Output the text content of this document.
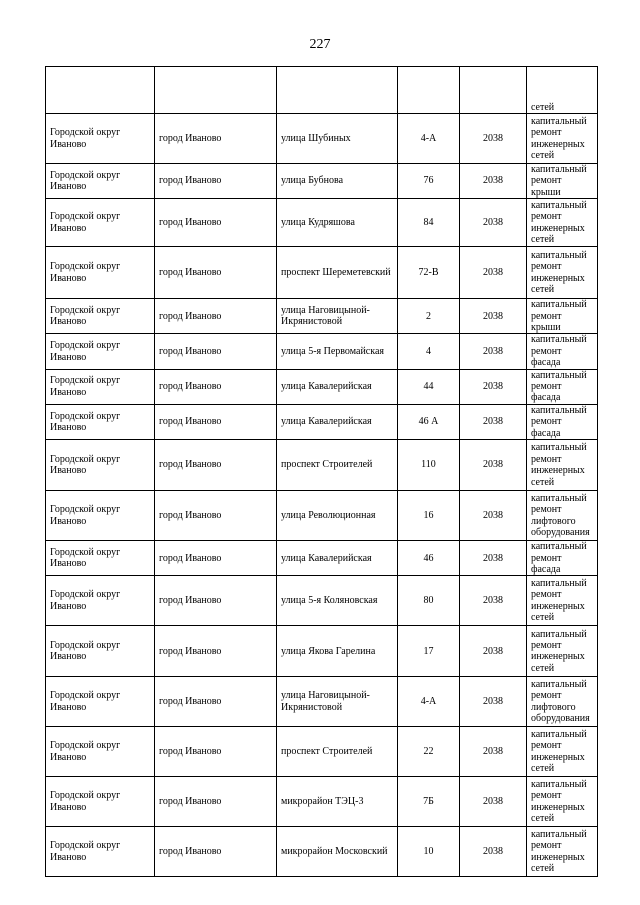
227
					сетей
Городской округ Иваново	город Иваново	улица Шубиных	4-А	2038	капитальный ремонт инженерных сетей
Городской округ Иваново	город Иваново	улица Бубнова	76	2038	капитальный ремонт крыши
Городской округ Иваново	город Иваново	улица Кудряшова	84	2038	капитальный ремонт инженерных сетей
Городской округ Иваново	город Иваново	проспект Шереметевский	72-В	2038	капитальный ремонт инженерных сетей
Городской округ Иваново	город Иваново	улица Наговицыной-Икрянистовой	2	2038	капитальный ремонт крыши
Городской округ Иваново	город Иваново	улица 5-я Первомайская	4	2038	капитальный ремонт фасада
Городской округ Иваново	город Иваново	улица Кавалерийская	44	2038	капитальный ремонт фасада
Городской округ Иваново	город Иваново	улица Кавалерийская	46 А	2038	капитальный ремонт фасада
Городской округ Иваново	город Иваново	проспект Строителей	110	2038	капитальный ремонт инженерных сетей
Городской округ Иваново	город Иваново	улица Революционная	16	2038	капитальный ремонт лифтового оборудования
Городской округ Иваново	город Иваново	улица Кавалерийская	46	2038	капитальный ремонт фасада
Городской округ Иваново	город Иваново	улица 5-я Коляновская	80	2038	капитальный ремонт инженерных сетей
Городской округ Иваново	город Иваново	улица Якова Гарелина	17	2038	капитальный ремонт инженерных сетей
Городской округ Иваново	город Иваново	улица Наговицыной-Икрянистовой	4-А	2038	капитальный ремонт лифтового оборудования
Городской округ Иваново	город Иваново	проспект Строителей	22	2038	капитальный ремонт инженерных сетей
Городской округ Иваново	город Иваново	микрорайон ТЭЦ-3	7Б	2038	капитальный ремонт инженерных сетей
Городской округ Иваново	город Иваново	микрорайон Московский	10	2038	капитальный ремонт инженерных сетей
